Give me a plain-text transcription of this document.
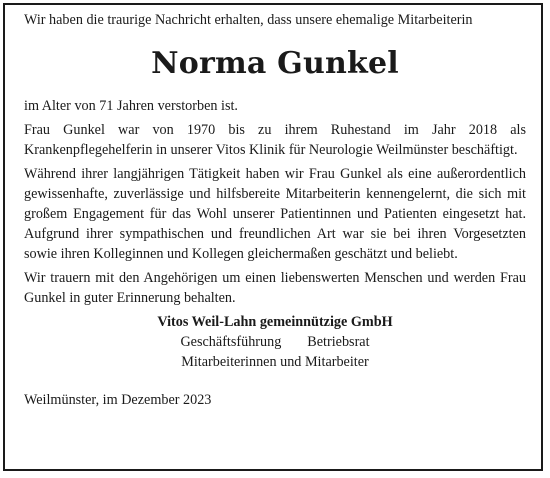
Wir haben die traurige Nachricht erhalten, dass unsere ehemalige Mitarbeiterin

Norma Gunkel

im Alter von 71 Jahren verstorben ist.

Frau Gunkel war von 1970 bis zu ihrem Ruhestand im Jahr 2018 als Krankenpflegehelferin in unserer Vitos Klinik für Neurologie Weilmünster beschäftigt.

Während ihrer langjährigen Tätigkeit haben wir Frau Gunkel als eine außerordentlich gewissenhafte, zuverlässige und hilfsbereite Mitarbeiterin kennengelernt, die sich mit großem Engagement für das Wohl unserer Patientinnen und Patienten eingesetzt hat. Aufgrund ihrer sympathischen und freundlichen Art war sie bei ihren Vorgesetzten sowie ihren Kolleginnen und Kollegen gleichermaßen geschätzt und beliebt.

Wir trauern mit den Angehörigen um einen liebenswerten Menschen und werden Frau Gunkel in guter Erinnerung behalten.

Vitos Weil-Lahn gemeinnützige GmbH
Geschäftsführung Betriebsrat
Mitarbeiterinnen und Mitarbeiter

Weilmünster, im Dezember 2023
